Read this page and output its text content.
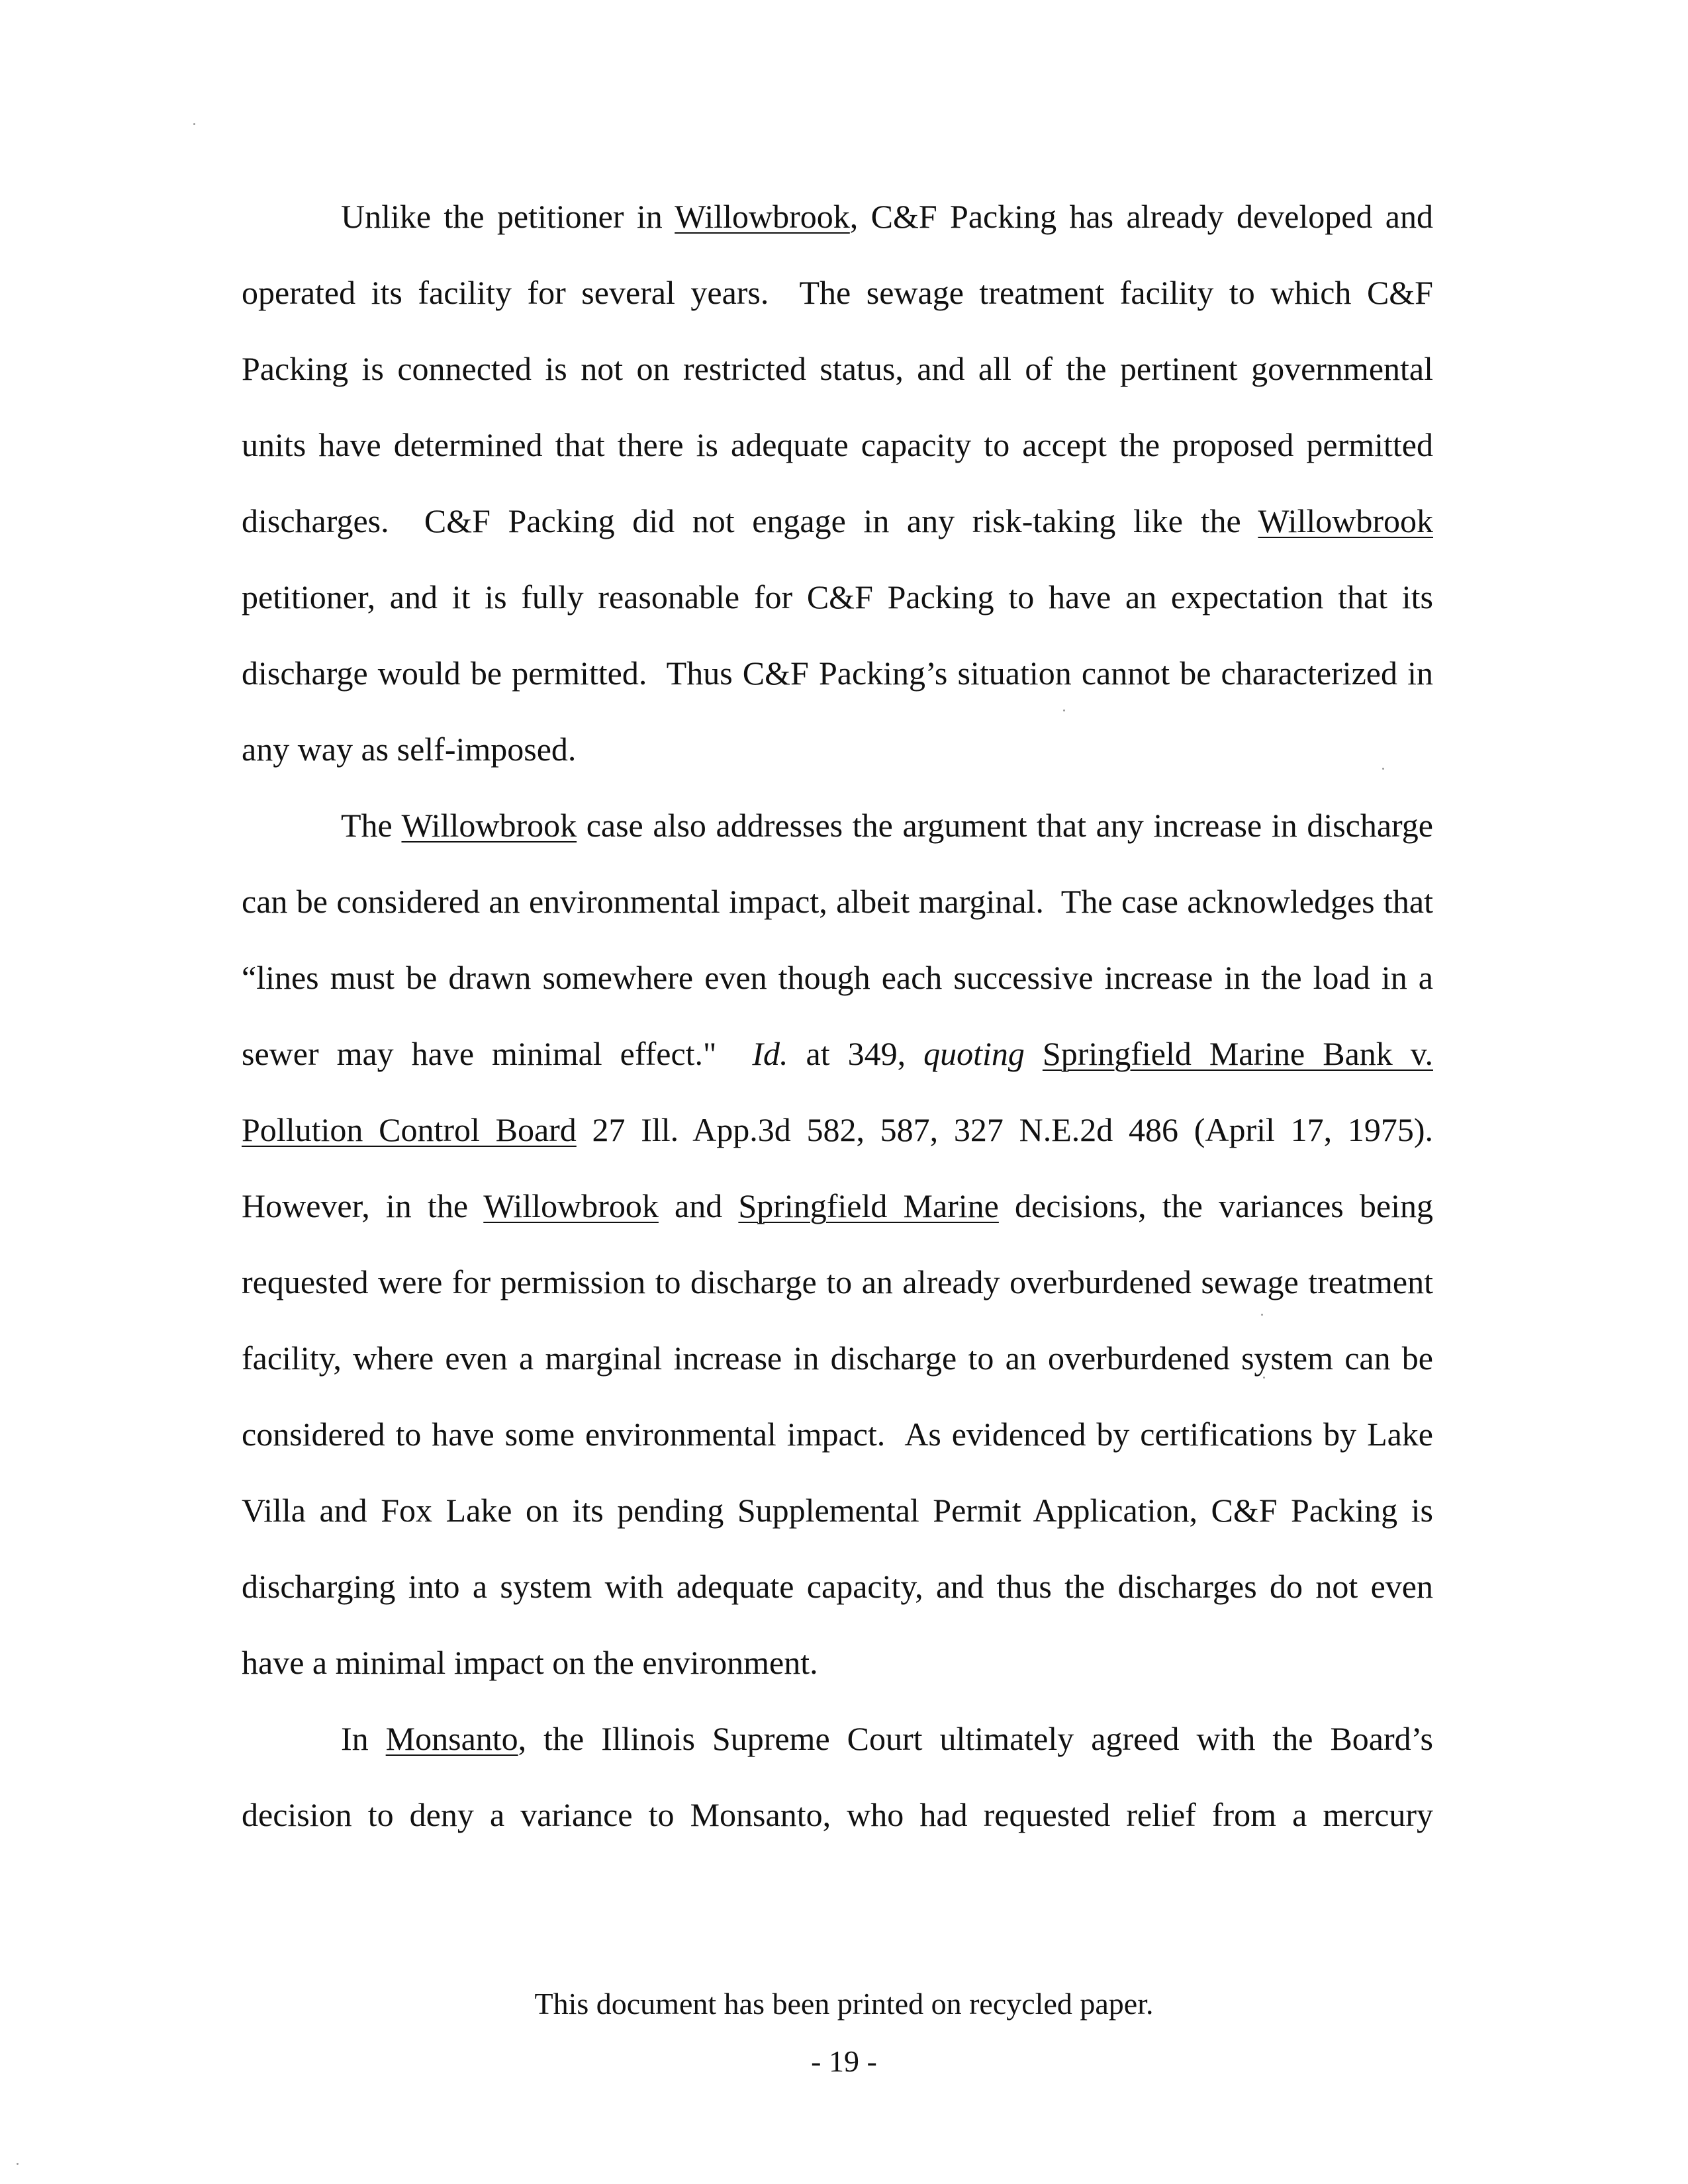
Unlike the petitioner in Willowbrook, C&F Packing has already developed and
operated its facility for several years.  The sewage treatment facility to which C&F
Packing is connected is not on restricted status, and all of the pertinent governmental
units have determined that there is adequate capacity to accept the proposed permitted
discharges.  C&F Packing did not engage in any risk-taking like the Willowbrook
petitioner, and it is fully reasonable for C&F Packing to have an expectation that its
discharge would be permitted.  Thus C&F Packing’s situation cannot be characterized in
any way as self-imposed.
The Willowbrook case also addresses the argument that any increase in discharge
can be considered an environmental impact, albeit marginal.  The case acknowledges that
“lines must be drawn somewhere even though each successive increase in the load in a
sewer may have minimal effect."  Id. at 349, quoting Springfield Marine Bank v.
Pollution Control Board 27 Ill. App.3d 582, 587, 327 N.E.2d 486 (April 17, 1975).
However, in the Willowbrook and Springfield Marine decisions, the variances being
requested were for permission to discharge to an already overburdened sewage treatment
facility, where even a marginal increase in discharge to an overburdened system can be
considered to have some environmental impact.  As evidenced by certifications by Lake
Villa and Fox Lake on its pending Supplemental Permit Application, C&F Packing is
discharging into a system with adequate capacity, and thus the discharges do not even
have a minimal impact on the environment.
In Monsanto, the Illinois Supreme Court ultimately agreed with the Board’s
decision to deny a variance to Monsanto, who had requested relief from a mercury
This document has been printed on recycled paper.
- 19 -
